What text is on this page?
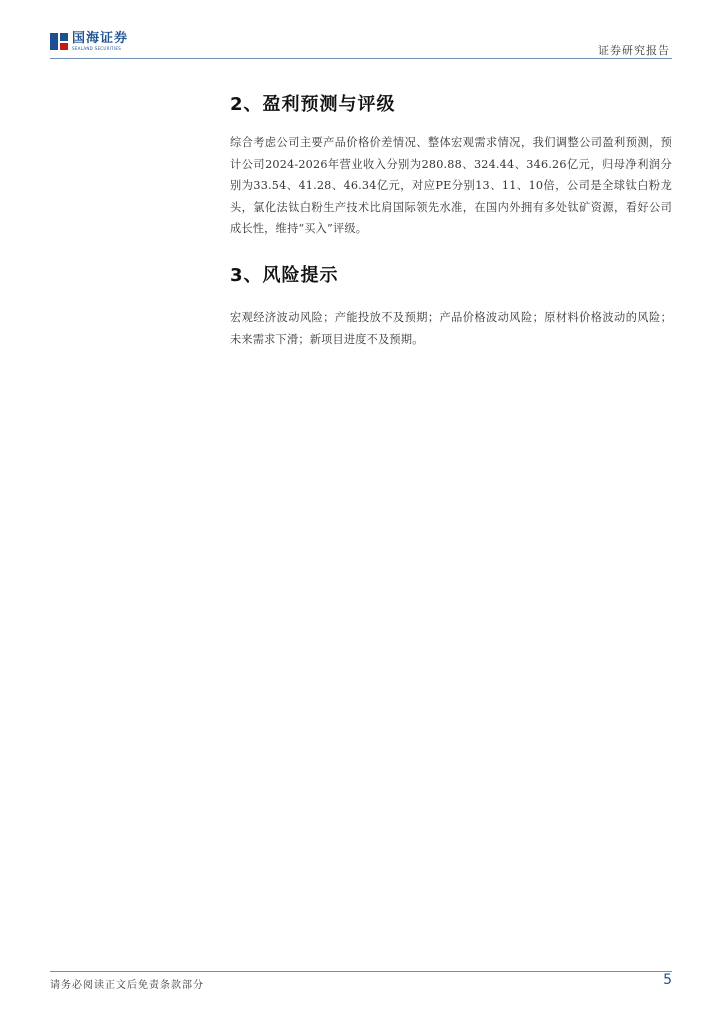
国海证券
SEALAND SECURITIES	证券研究报告
2、盈利预测与评级

综合考虑公司主要产品价格价差情况、整体宏观需求情况，我们调整公司盈利预测，预计公司2024-2026年营业收入分别为280.88、324.44、346.26亿元，归母净利润分别为33.54、41.28、46.34亿元，对应PE分别13、11、10倍，公司是全球钛白粉龙头，氯化法钛白粉生产技术比肩国际领先水准，在国内外拥有多处钛矿资源，看好公司成长性，维持“买入”评级。

3、风险提示

宏观经济波动风险；产能投放不及预期；产品价格波动风险；原材料价格波动的风险；未来需求下滑；新项目进度不及预期。

请务必阅读正文后免责条款部分	5
